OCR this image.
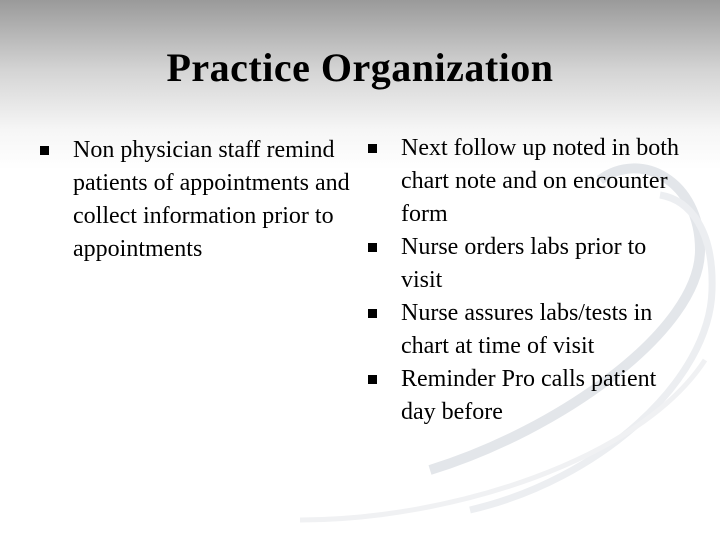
Practice Organization
Non physician staff remind patients of appointments and collect information prior to appointments
Next follow up noted in both chart note and on encounter form
Nurse orders labs prior to visit
Nurse assures labs/tests in chart at time of visit
Reminder Pro calls patient day before
